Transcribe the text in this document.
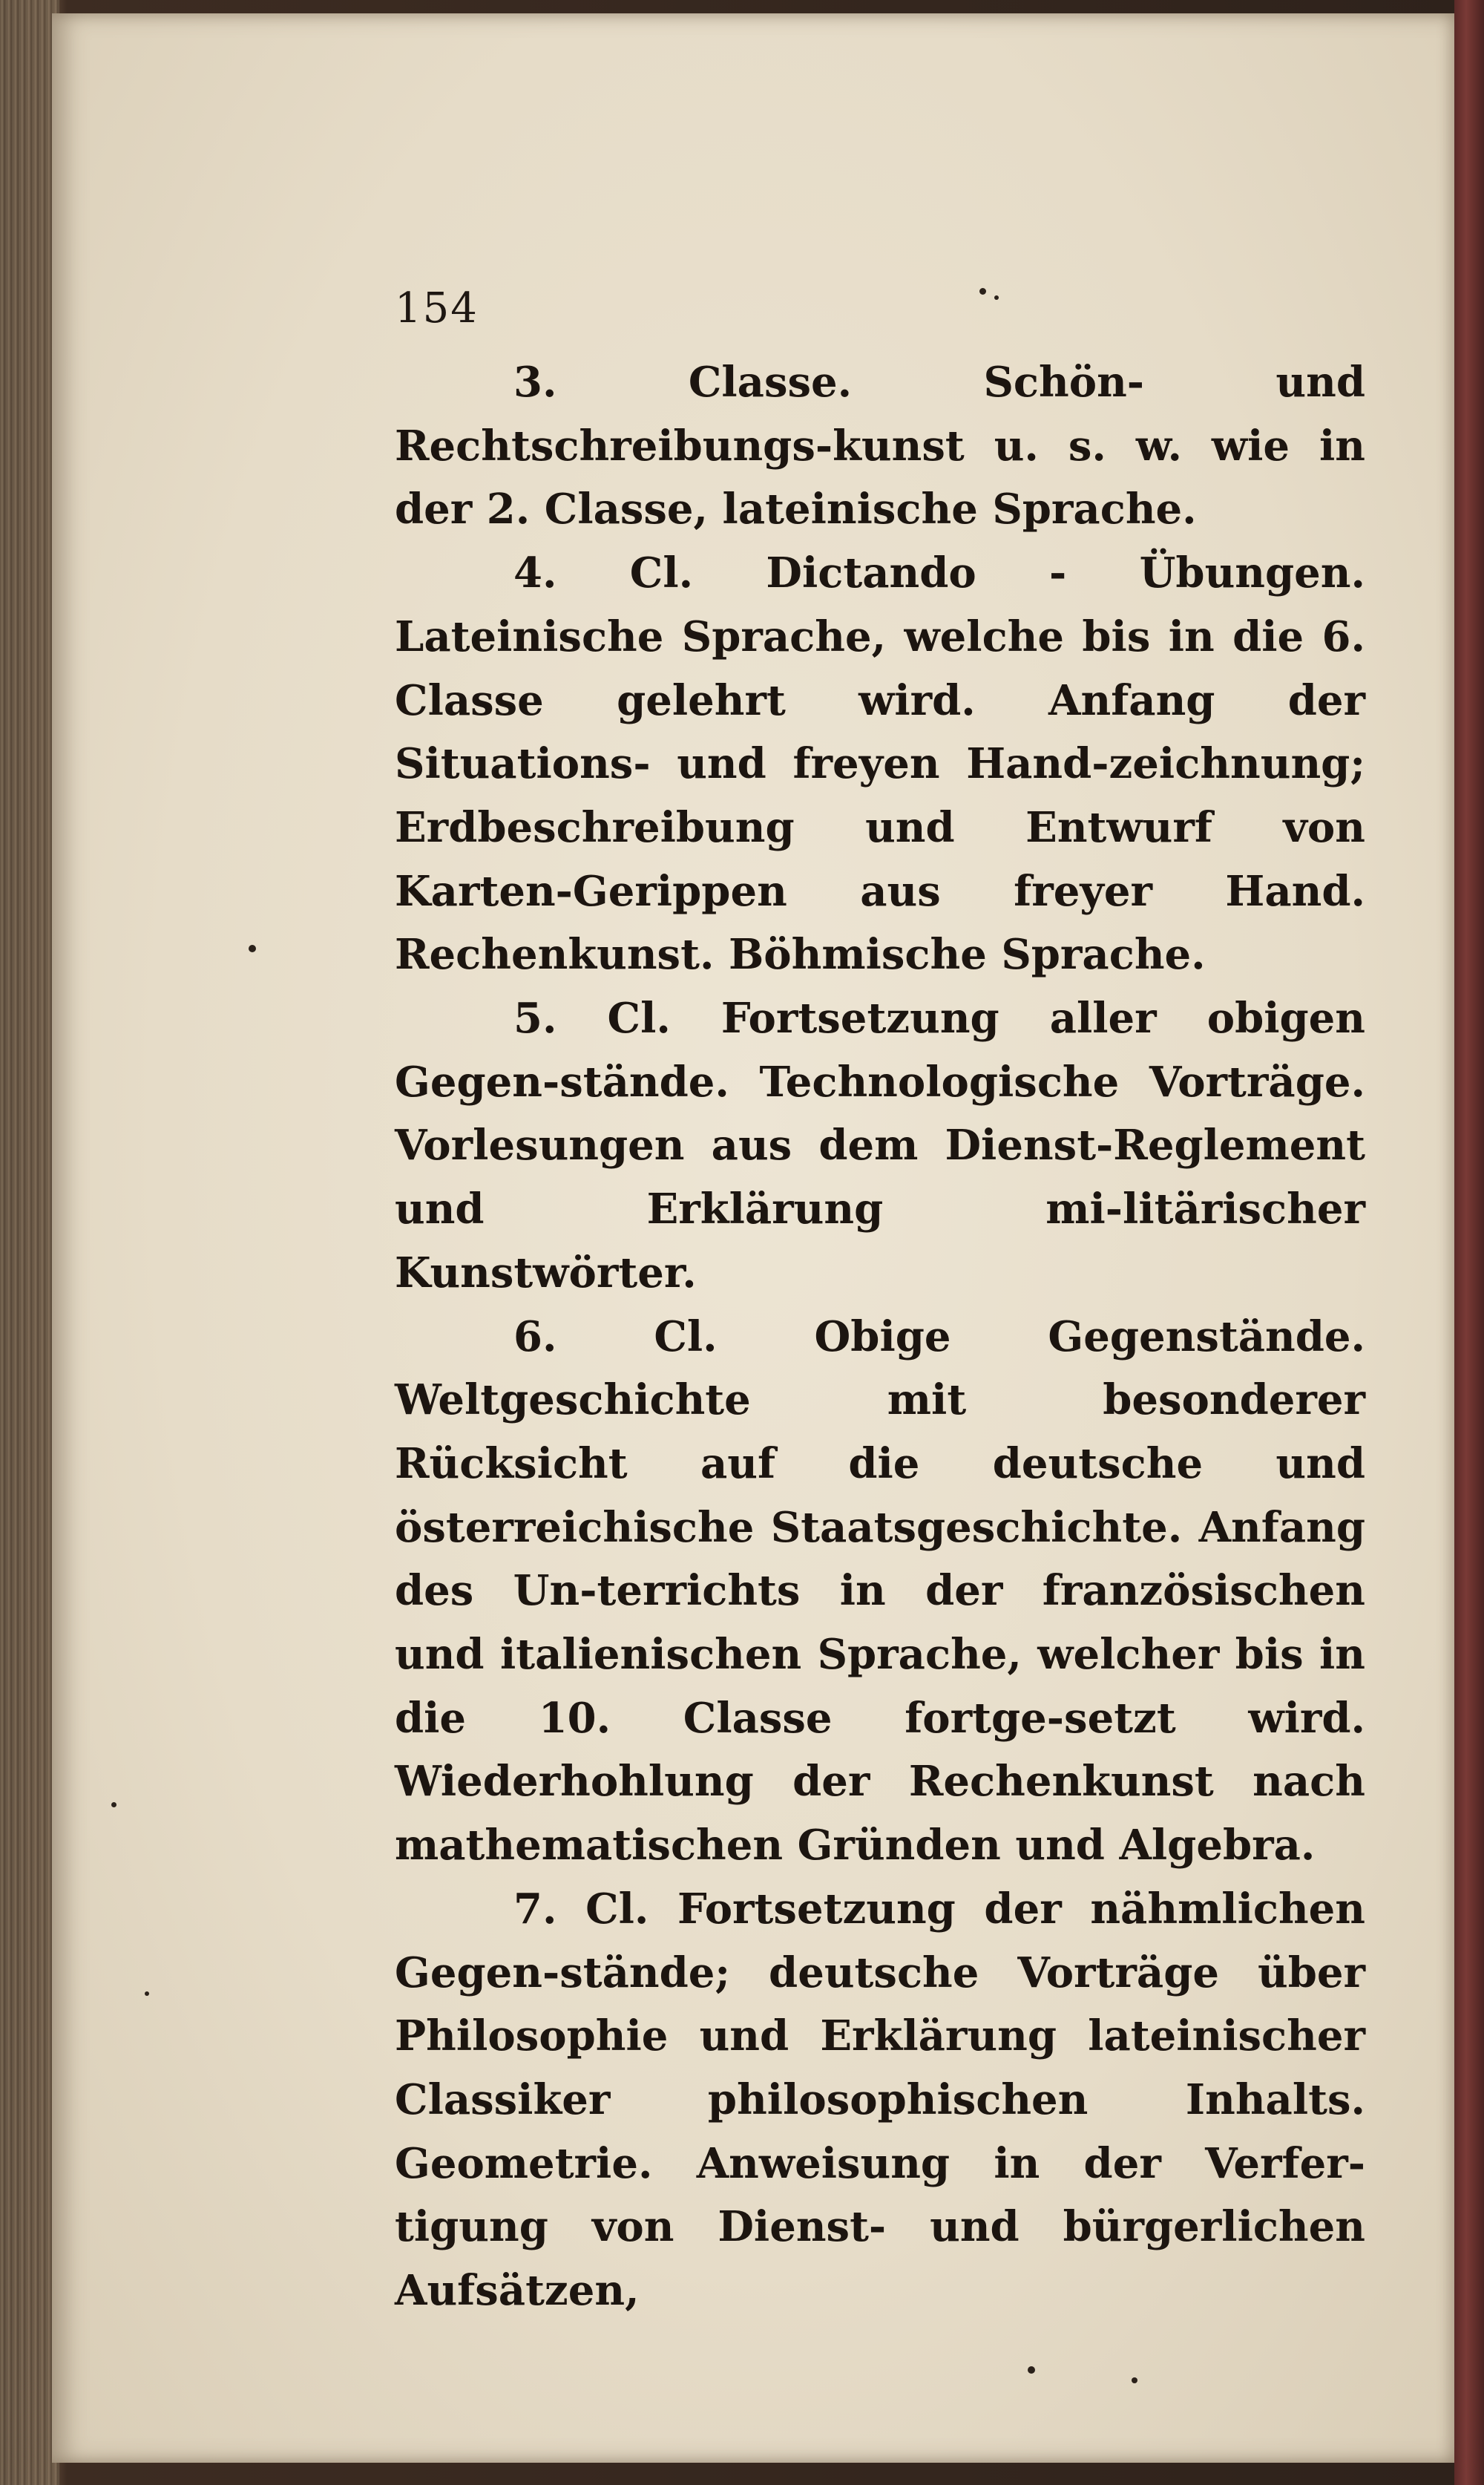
154

3. Classe. Schön- und Rechtschreibungs-kunst u. s. w. wie in der 2. Classe, lateinische Sprache.

4. Cl. Dictando - Übungen. Lateinische Sprache, welche bis in die 6. Classe gelehrt wird. Anfang der Situations- und freyen Hand-zeichnung; Erdbeschreibung und Entwurf von Karten-Gerippen aus freyer Hand. Rechenkunst. Böhmische Sprache.

5. Cl. Fortsetzung aller obigen Gegen-stände. Technologische Vorträge. Vorlesungen aus dem Dienst-Reglement und Erklärung mi-litärischer Kunstwörter.

6. Cl. Obige Gegenstände. Weltgeschichte mit besonderer Rücksicht auf die deutsche und österreichische Staatsgeschichte. Anfang des Un-terrichts in der französischen und italienischen Sprache, welcher bis in die 10. Classe fortge-setzt wird. Wiederhohlung der Rechenkunst nach mathematischen Gründen und Algebra.

7. Cl. Fortsetzung der nähmlichen Gegen-stände; deutsche Vorträge über Philosophie und Erklärung lateinischer Classiker philosophischen Inhalts. Geometrie. Anweisung in der Verfer-tigung von Dienst- und bürgerlichen Aufsätzen,
